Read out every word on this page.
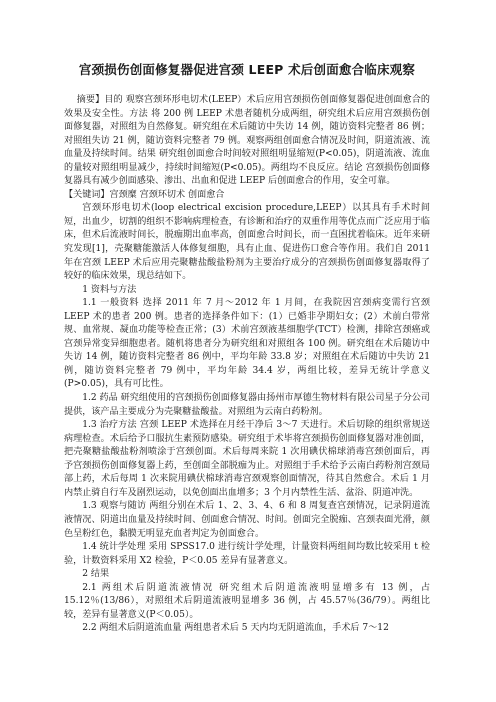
宫颈损伤创面修复器促进宫颈 LEEP 术后创面愈合临床观察

摘要】目的 观察宫颈环形电切术(LEEP）术后应用宫颈损伤创面修复器促进创面愈合的效果及安全性。方法 将 200 例 LEEP 术患者随机分成两组，研究组术后应用宫颈损伤创面修复器，对照组为自然修复。研究组在术后随访中失访 14 例，随访资料完整者 86 例；对照组失访 21 例，随访资料完整者 79 例。观察两组创面愈合情况及时间，阴道流液、流血量及持续时间。结果 研究组创面愈合时间较对照组明显缩短(P<0.05)，阴道流液、流血的量较对照组明显减少，持续时间缩短(P<0.05)。两组均不良反应。结论 宫颈损伤创面修复器具有减少创面感染、渗出、出血和促进 LEEP 后创面愈合的作用，安全可靠。

【关键词】宫颈糜 宫颈环切术 创面愈合

宫颈环形电切术(loop electrical excision procedure,LEEP）以其具有手术时间短，出血少，切割的组织不影响病理检查，有诊断和治疗的双重作用等优点而广泛应用于临床，但术后流液时间长，脱痂期出血率高，创面愈合时间长，而一直困扰着临床。近年来研究发现[1]，壳聚糖能激活人体修复细胞，具有止血、促进伤口愈合等作用。我们自 2011 年在宫颈 LEEP 术后应用壳聚糖盐酸盐粉剂为主要治疗成分的宫颈损伤创面修复器取得了较好的临床效果，现总结如下。

1 资料与方法

1.1 一般资料 选择 2011 年 7 月～2012 年 1 月间，在我院因宫颈病变需行宫颈 LEEP 术的患者 200 例。患者的选择条件如下：(1）已婚非孕期妇女；(2）术前白带常规、血常规、凝血功能等检查正常；(3）术前宫颈液基细胞学(TCT）检测，排除宫颈癌或宫颈异常变异细胞患者。随机将患者分为研究组和对照组各 100 例。研究组在术后随访中失访 14 例，随访资料完整者 86 例中，平均年龄 33.8 岁；对照组在术后随访中失访 21 例，随访资料完整者 79 例中，平均年龄 34.4 岁，两组比较，差异无统计学意义(P>0.05)，具有可比性。

1.2 药品 研究组使用的宫颈损伤创面修复器由扬州市厚德生物材料有限公司星子分公司提供，该产品主要成分为壳聚糖盐酸盐。对照组为云南白药粉剂。

1.3 治疗方法 宫颈 LEEP 术选择在月经干净后 3～7 天进行。术后切除的组织常规送病理检查。术后给予口服抗生素预防感染。研究组于术毕将宫颈损伤创面修复器对准创面，把壳聚糖盐酸盐粉剂喷涂于宫颈创面。术后每周来院 1 次用碘伏棉球消毒宫颈创面后，再予宫颈损伤创面修复器上药，至创面全部脱痂为止。对照组于手术给予云南白药粉剂宫颈局部上药，术后每周 1 次来院用碘伏棉球消毒宫颈观察创面情况，待其自然愈合。术后 1 月内禁止骑自行车及剧烈运动，以免创面出血增多；3 个月内禁性生活、盆浴、阴道冲洗。

1.3 观察与随访 两组分别在术后 1、2、3、4、6 和 8 周复查宫颈情况，记录阴道流液情况、阴道出血量及持续时间、创面愈合情况、时间。创面完全脱痂、宫颈表面光滑，颜色呈粉红色，黏膜无明显充血者判定为创面愈合。

1.4 统计学处理 采用 SPSS17.0 进行统计学处理，计量资料两组间均数比较采用 t 检验，计数资料采用 X2 检验，P＜0.05 差异有显著意义。

2 结果

2.1 两组术后阴道流液情况 研究组术后阴道流液明显增多有 13 例，占 15.12％(13/86），对照组术后阴道流液明显增多 36 例，占 45.57％(36/79）。两组比较，差异有显著意义(P＜0.05）。

2.2 两组术后阴道流血量 两组患者术后 5 天内均无阴道流血，手术后 7～12
